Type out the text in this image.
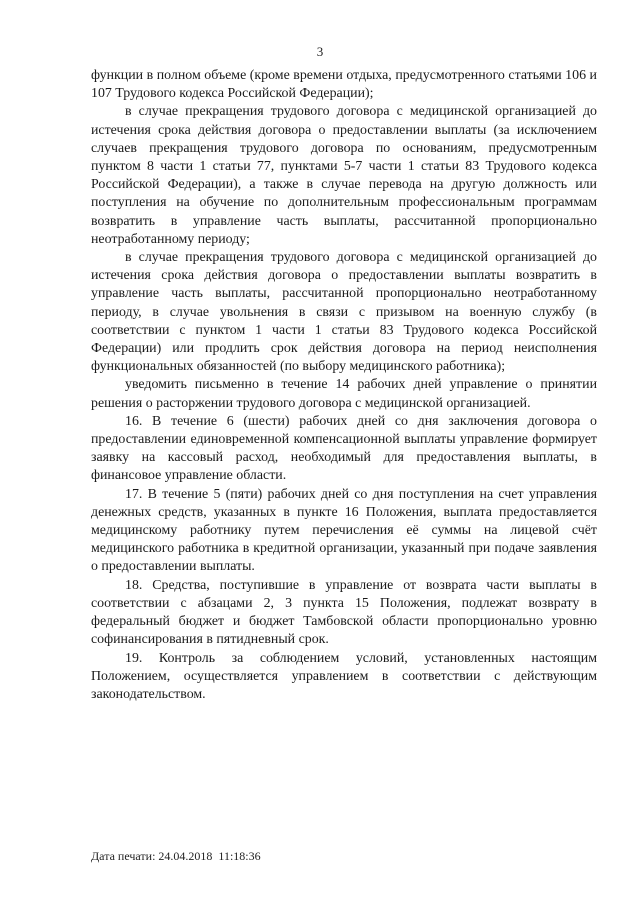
3

функции в полном объеме (кроме времени отдыха, предусмотренного статьями 106 и 107 Трудового кодекса Российской Федерации);

в случае прекращения трудового договора с медицинской организацией до истечения срока действия договора о предоставлении выплаты (за исключением случаев прекращения трудового договора по основаниям, предусмотренным пунктом 8 части 1 статьи 77, пунктами 5-7 части 1 статьи 83 Трудового кодекса Российской Федерации), а также в случае перевода на другую должность или поступления на обучение по дополнительным профессиональным программам возвратить в управление часть выплаты, рассчитанной пропорционально неотработанному периоду;

в случае прекращения трудового договора с медицинской организацией до истечения срока действия договора о предоставлении выплаты возвратить в управление часть выплаты, рассчитанной пропорционально неотработанному периоду, в случае увольнения в связи с призывом на военную службу (в соответствии с пунктом 1 части 1 статьи 83 Трудового кодекса Российской Федерации) или продлить срок действия договора на период неисполнения функциональных обязанностей (по выбору медицинского работника);

уведомить письменно в течение 14 рабочих дней управление о принятии решения о расторжении трудового договора с медицинской организацией.

16. В течение 6 (шести) рабочих дней со дня заключения договора о предоставлении единовременной компенсационной выплаты управление формирует заявку на кассовый расход, необходимый для предоставления выплаты, в финансовое управление области.

17. В течение 5 (пяти) рабочих дней со дня поступления на счет управления денежных средств, указанных в пункте 16 Положения, выплата предоставляется медицинскому работнику путем перечисления её суммы на лицевой счёт медицинского работника в кредитной организации, указанный при подаче заявления о предоставлении выплаты.

18. Средства, поступившие в управление от возврата части выплаты в соответствии с абзацами 2, 3 пункта 15 Положения, подлежат возврату в федеральный бюджет и бюджет Тамбовской области пропорционально уровню софинансирования в пятидневный срок.

19. Контроль за соблюдением условий, установленных настоящим Положением, осуществляется управлением в соответствии с действующим законодательством.

Дата печати: 24.04.2018  11:18:36
